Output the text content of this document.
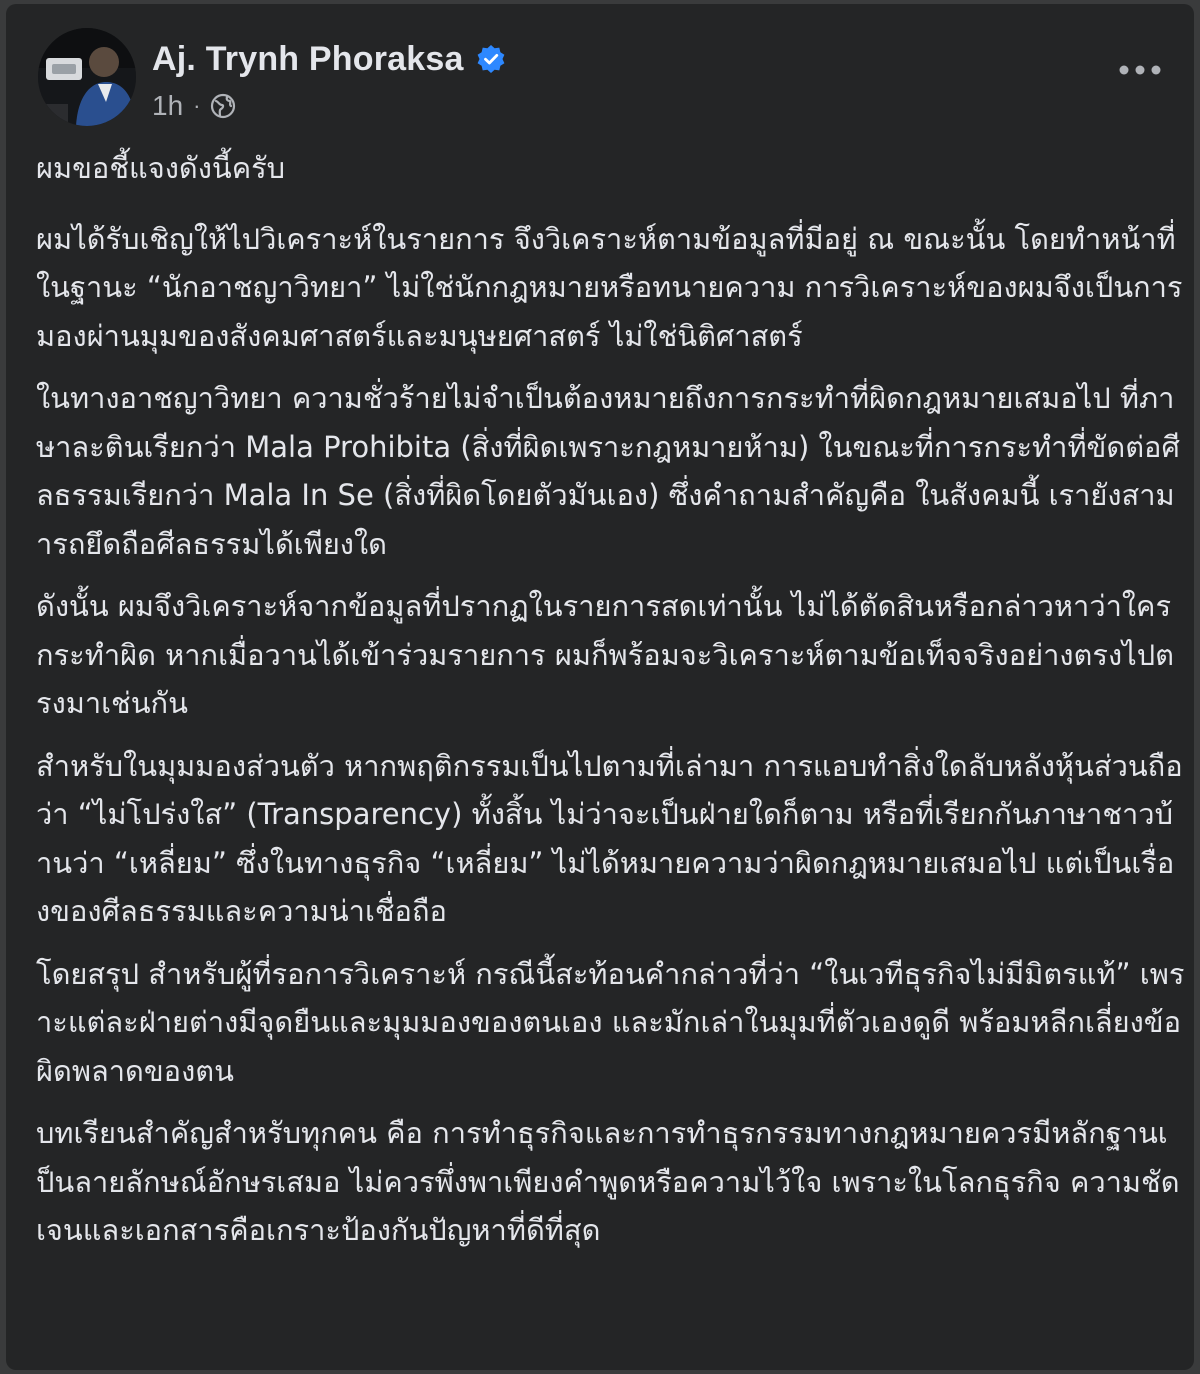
Aj. Trynh Phoraksa
1h ·

ผมขอชี้แจงดังนี้ครับ

ผมได้รับเชิญให้ไปวิเคราะห์ในรายการ จึงวิเคราะห์ตามข้อมูลที่มีอยู่ ณ ขณะนั้น โดยทำหน้าที่ในฐานะ “นักอาชญาวิทยา” ไม่ใช่นักกฎหมายหรือทนายความ การวิเคราะห์ของผมจึงเป็นการมองผ่านมุมของสังคมศาสตร์และมนุษยศาสตร์ ไม่ใช่นิติศาสตร์

ในทางอาชญาวิทยา ความชั่วร้ายไม่จำเป็นต้องหมายถึงการกระทำที่ผิดกฎหมายเสมอไป ที่ภาษาละตินเรียกว่า Mala Prohibita (สิ่งที่ผิดเพราะกฎหมายห้าม) ในขณะที่การกระทำที่ขัดต่อศีลธรรมเรียกว่า Mala In Se (สิ่งที่ผิดโดยตัวมันเอง) ซึ่งคำถามสำคัญคือ ในสังคมนี้ เรายังสามารถยึดถือศีลธรรมได้เพียงใด

ดังนั้น ผมจึงวิเคราะห์จากข้อมูลที่ปรากฏในรายการสดเท่านั้น ไม่ได้ตัดสินหรือกล่าวหาว่าใครกระทำผิด หากเมื่อวานได้เข้าร่วมรายการ ผมก็พร้อมจะวิเคราะห์ตามข้อเท็จจริงอย่างตรงไปตรงมาเช่นกัน

สำหรับในมุมมองส่วนตัว หากพฤติกรรมเป็นไปตามที่เล่ามา การแอบทำสิ่งใดลับหลังหุ้นส่วนถือว่า “ไม่โปร่งใส” (Transparency) ทั้งสิ้น ไม่ว่าจะเป็นฝ่ายใดก็ตาม หรือที่เรียกกันภาษาชาวบ้านว่า “เหลี่ยม” ซึ่งในทางธุรกิจ “เหลี่ยม” ไม่ได้หมายความว่าผิดกฎหมายเสมอไป แต่เป็นเรื่องของศีลธรรมและความน่าเชื่อถือ

โดยสรุป สำหรับผู้ที่รอการวิเคราะห์ กรณีนี้สะท้อนคำกล่าวที่ว่า “ในเวทีธุรกิจไม่มีมิตรแท้” เพราะแต่ละฝ่ายต่างมีจุดยืนและมุมมองของตนเอง และมักเล่าในมุมที่ตัวเองดูดี พร้อมหลีกเลี่ยงข้อผิดพลาดของตน

บทเรียนสำคัญสำหรับทุกคน คือ การทำธุรกิจและการทำธุรกรรมทางกฎหมายควรมีหลักฐานเป็นลายลักษณ์อักษรเสมอ ไม่ควรพึ่งพาเพียงคำพูดหรือความไว้ใจ เพราะในโลกธุรกิจ ความชัดเจนและเอกสารคือเกราะป้องกันปัญหาที่ดีที่สุด
